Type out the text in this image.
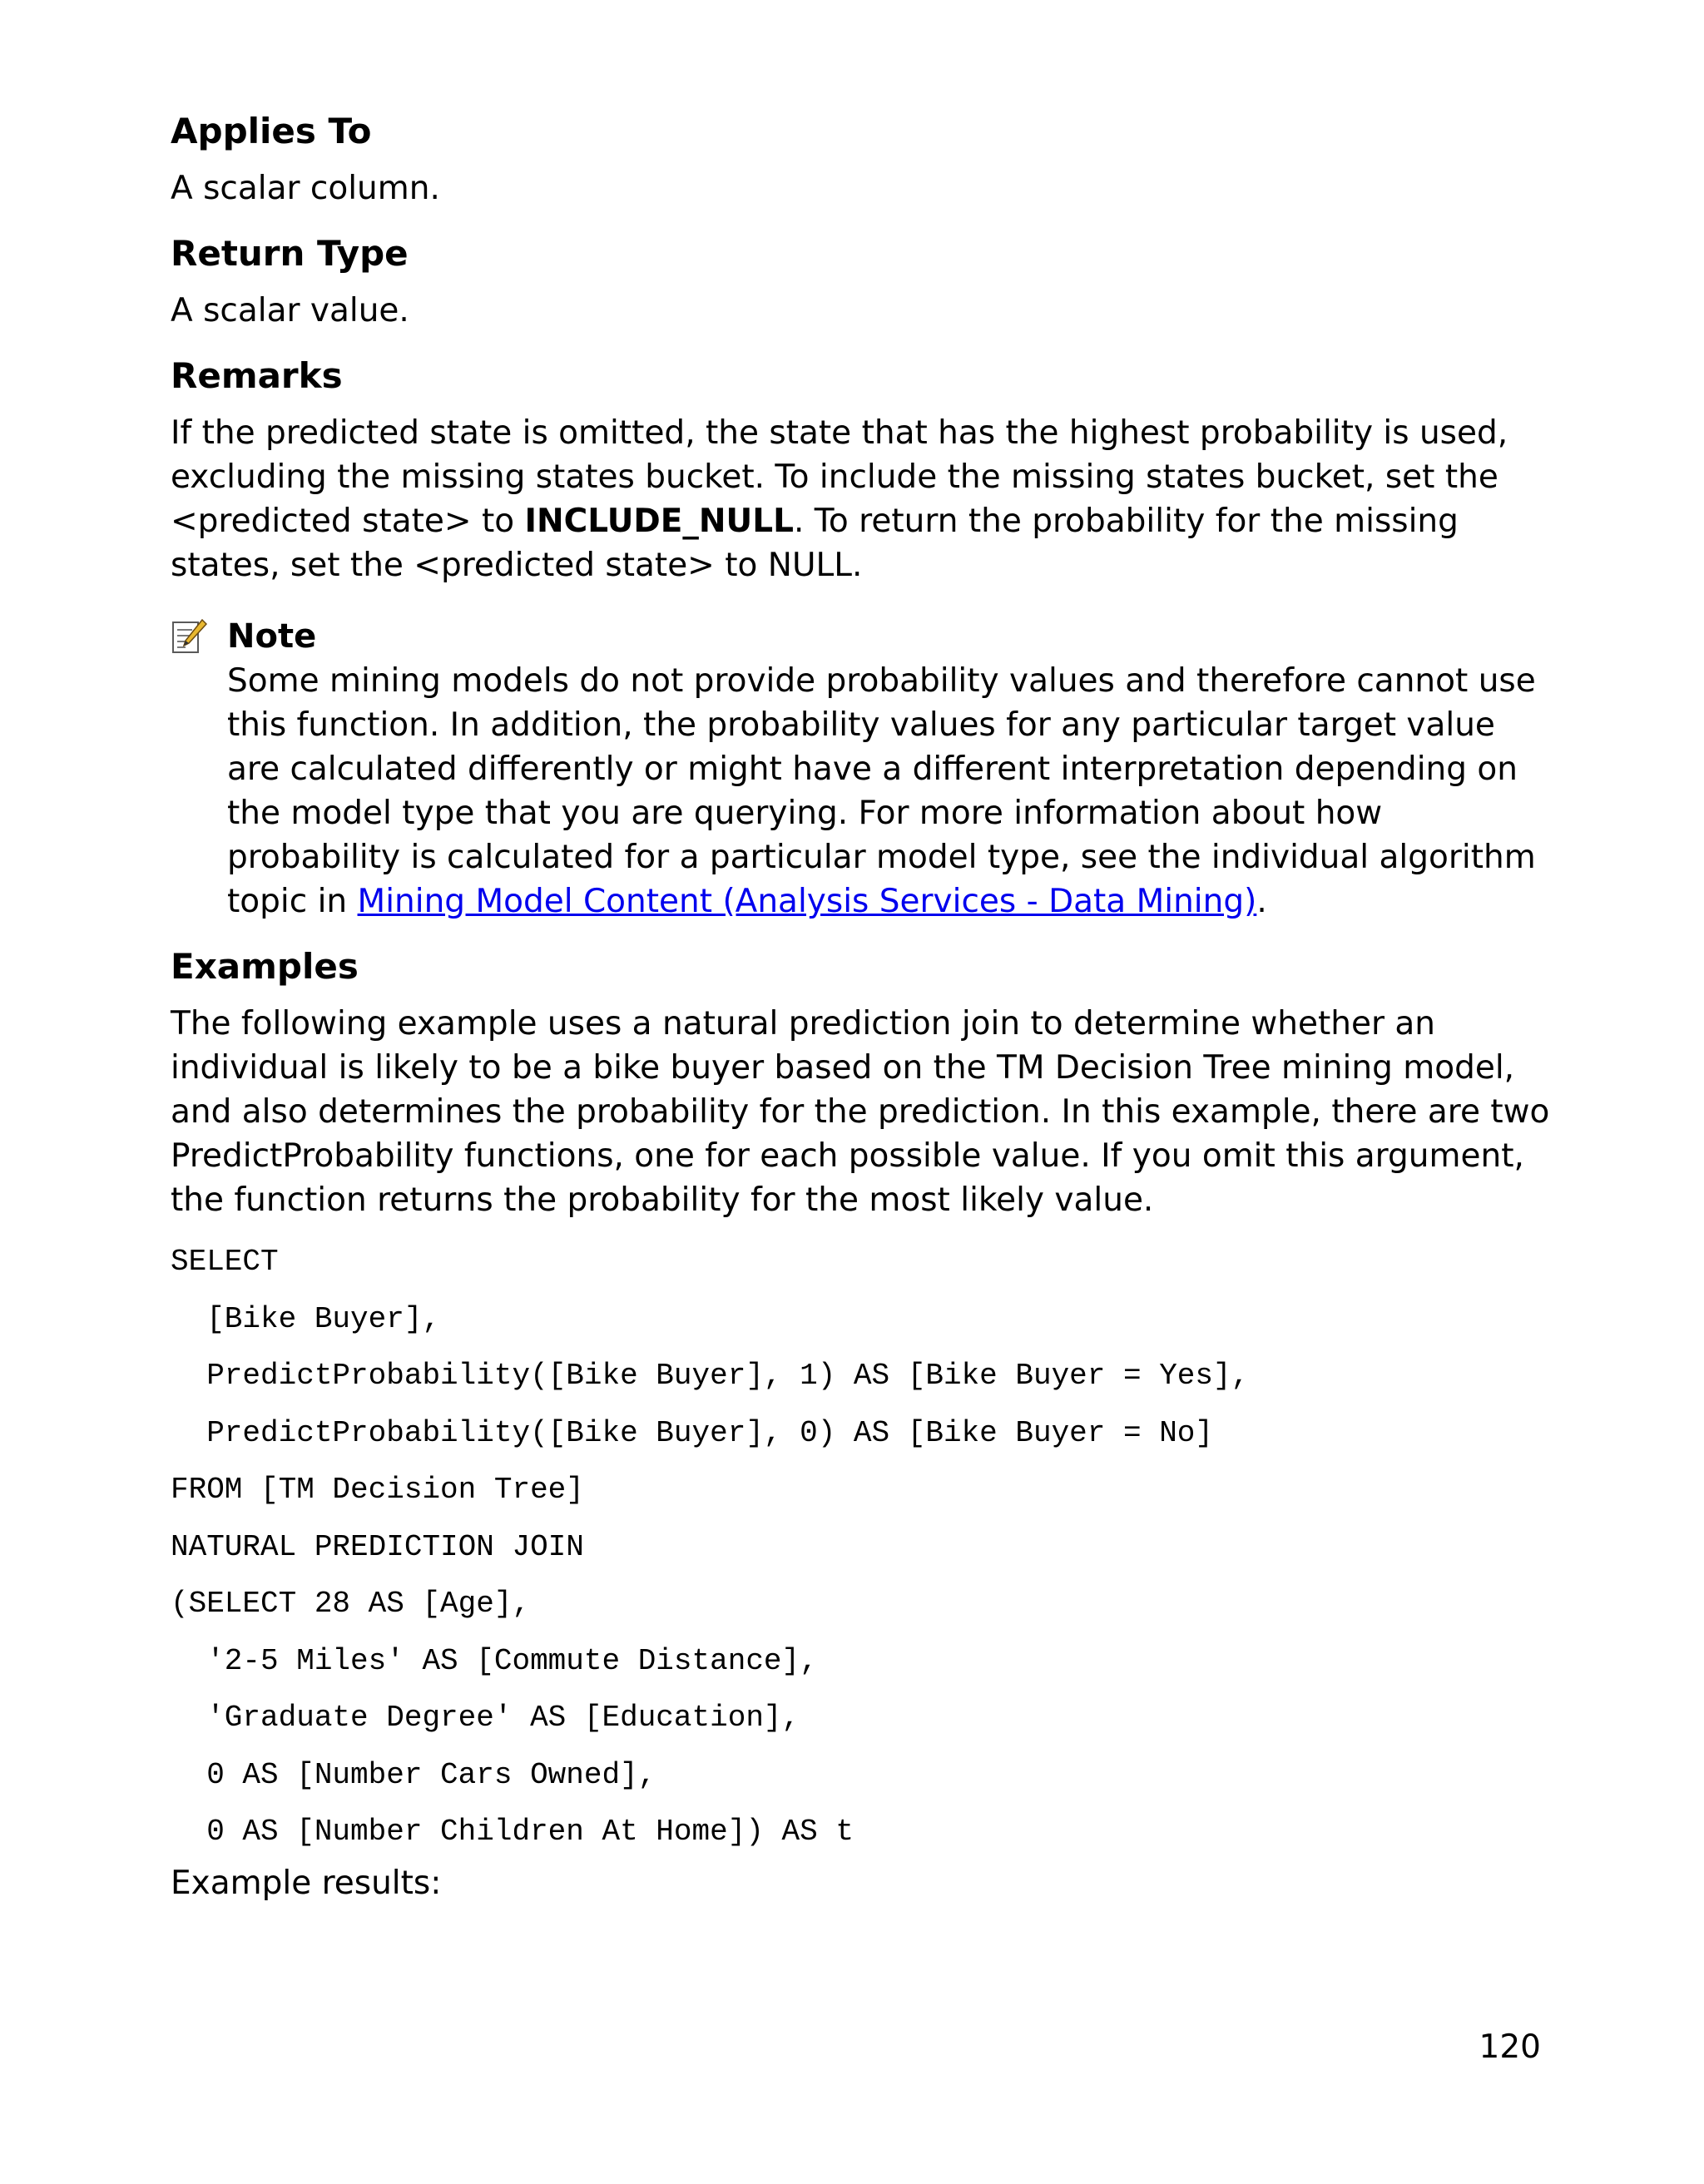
Applies To

A scalar column.

Return Type

A scalar value.

Remarks

If the predicted state is omitted, the state that has the highest probability is used, excluding the missing states bucket. To include the missing states bucket, set the <predicted state> to INCLUDE_NULL. To return the probability for the missing states, set the <predicted state> to NULL.

Note
Some mining models do not provide probability values and therefore cannot use this function. In addition, the probability values for any particular target value are calculated differently or might have a different interpretation depending on the model type that you are querying. For more information about how probability is calculated for a particular model type, see the individual algorithm topic in Mining Model Content (Analysis Services - Data Mining).
Examples

The following example uses a natural prediction join to determine whether an individual is likely to be a bike buyer based on the TM Decision Tree mining model, and also determines the probability for the prediction. In this example, there are two PredictProbability functions, one for each possible value. If you omit this argument, the function returns the probability for the most likely value.

SELECT
[Bike Buyer],
PredictProbability([Bike Buyer], 1) AS [Bike Buyer = Yes],
PredictProbability([Bike Buyer], 0) AS [Bike Buyer = No]
FROM [TM Decision Tree]
NATURAL PREDICTION JOIN
(SELECT 28 AS [Age],
'2-5 Miles' AS [Commute Distance],
'Graduate Degree' AS [Education],
0 AS [Number Cars Owned],
0 AS [Number Children At Home]) AS t

Example results:

120
